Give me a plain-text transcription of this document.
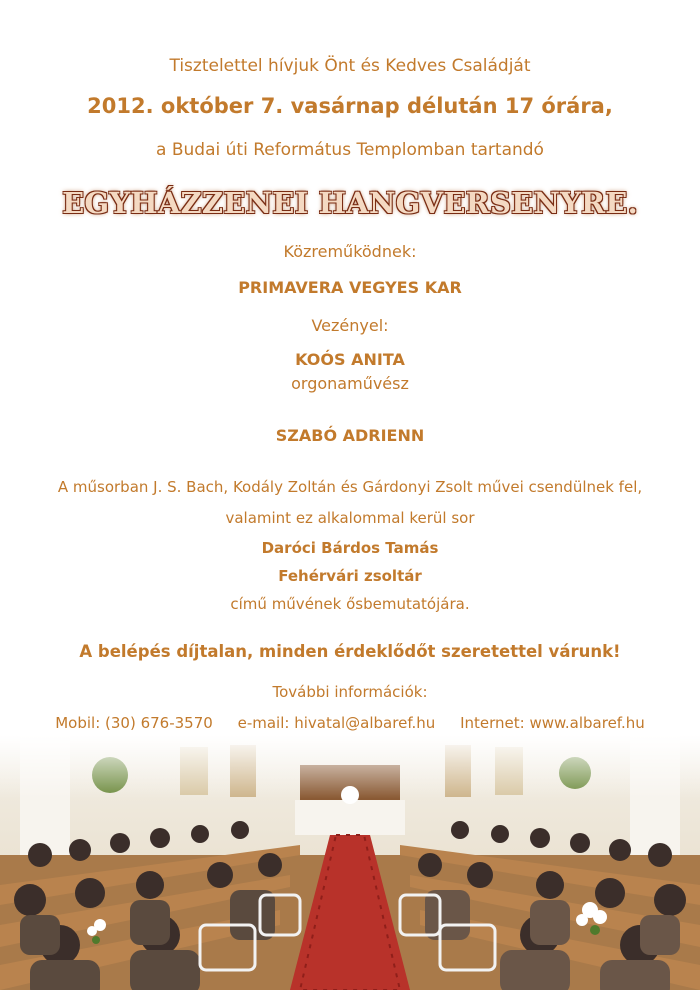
Tisztelettel hívjuk Önt és Kedves Családját
2012. október 7. vasárnap délután 17 órára,
a Budai úti Református Templomban tartandó
EGYHÁZZENEI HANGVERSENYRE.
Közreműködnek:
PRIMAVERA VEGYES KAR
Vezényel:
KOÓS ANITA
orgonaművész
SZABÓ ADRIENN
A műsorban J. S. Bach, Kodály Zoltán és Gárdonyi Zsolt művei csendülnek fel,
valamint ez alkalommal kerül sor
Daróci Bárdos Tamás
Fehérvári zsoltár
című művének ősbemutatójára.
A belépés díjtalan, minden érdeklődőt szeretettel várunk!
További információk:
Mobil: (30) 676-3570 e-mail: hivatal@albaref.hu Internet: www.albaref.hu
